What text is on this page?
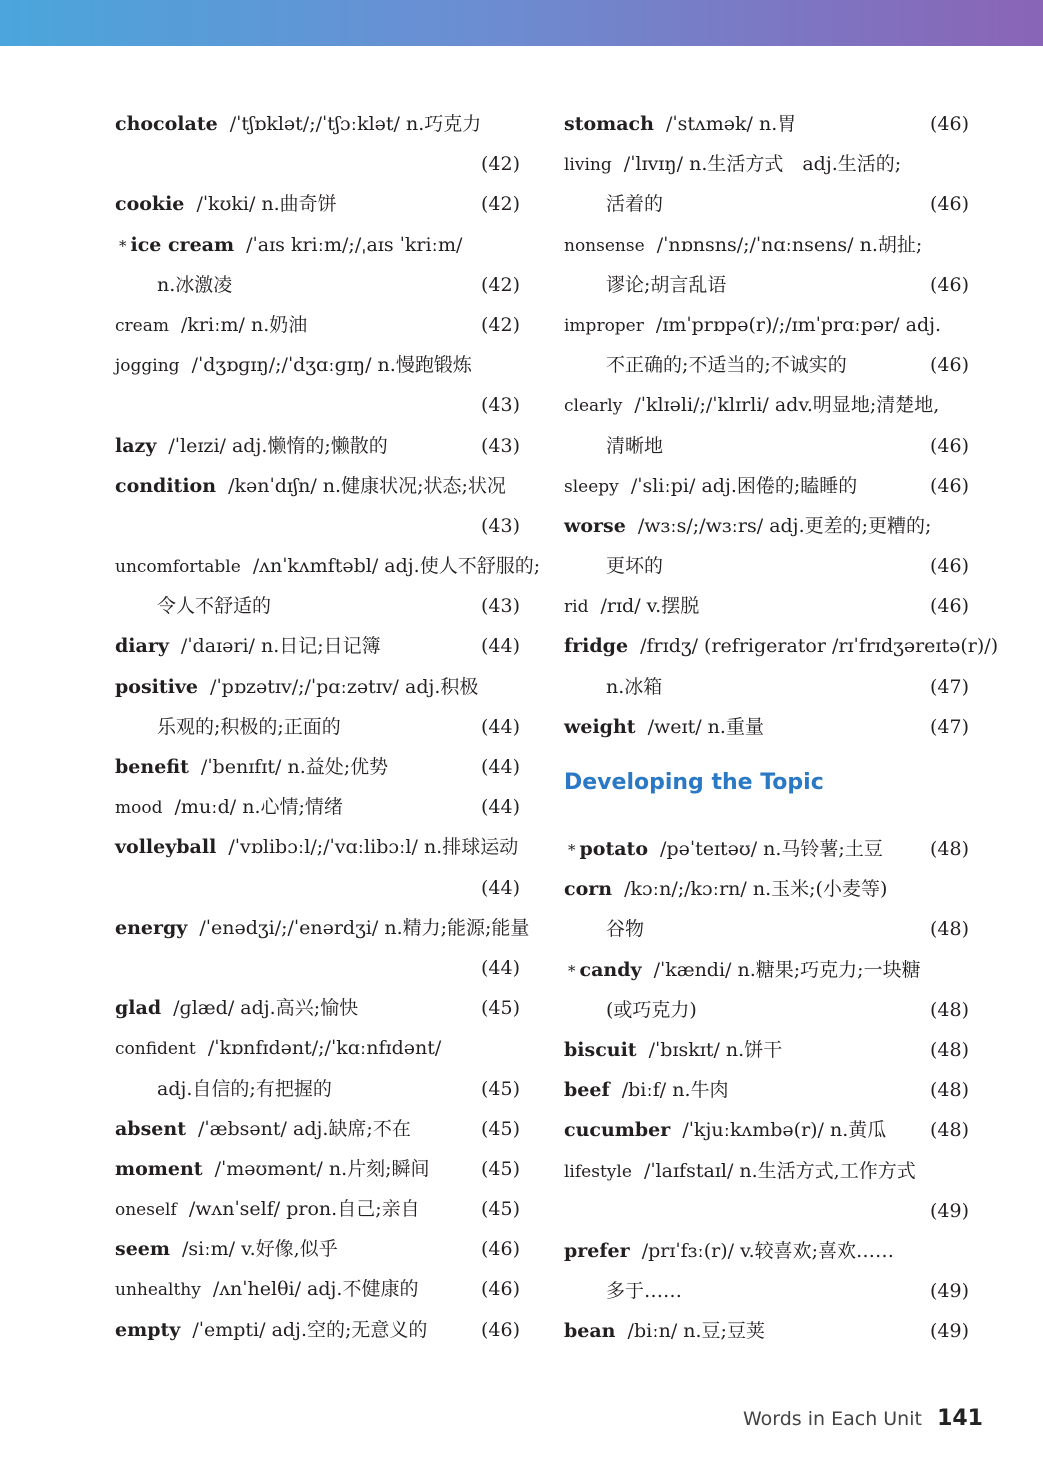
chocolate /ˈtʃɒklət/;/ˈtʃɔːklət/ n.巧克力
(42)
cookie /ˈkʊki/ n.曲奇饼	(42)
* ice cream /ˈaɪs kriːm/;/ˌaɪs ˈkriːm/
n.冰激凌	(42)
cream /kriːm/ n.奶油	(42)
jogging /ˈdʒɒɡɪŋ/;/ˈdʒɑːɡɪŋ/ n.慢跑锻炼
(43)
lazy /ˈleɪzi/ adj.懒惰的;懒散的	(43)
condition /kənˈdɪʃn/ n.健康状况;状态;状况
(43)
uncomfortable /ʌnˈkʌmftəbl/ adj.使人不舒服的;
令人不舒适的	(43)
diary /ˈdaɪəri/ n.日记;日记簿	(44)
positive /ˈpɒzətɪv/;/ˈpɑːzətɪv/ adj.积极
乐观的;积极的;正面的	(44)
benefit /ˈbenɪfɪt/ n.益处;优势	(44)
mood /muːd/ n.心情;情绪	(44)
volleyball /ˈvɒlibɔːl/;/ˈvɑːlibɔːl/ n.排球运动
(44)
energy /ˈenədʒi/;/ˈenərdʒi/ n.精力;能源;能量
(44)
glad /ɡlæd/ adj.高兴;愉快	(45)
confident /ˈkɒnfɪdənt/;/ˈkɑːnfɪdənt/
adj.自信的;有把握的	(45)
absent /ˈæbsənt/ adj.缺席;不在	(45)
moment /ˈməʊmənt/ n.片刻;瞬间	(45)
oneself /wʌnˈself/ pron.自己;亲自	(45)
seem /siːm/ v.好像,似乎	(46)
unhealthy /ʌnˈhelθi/ adj.不健康的	(46)
empty /ˈempti/ adj.空的;无意义的	(46)
stomach /ˈstʌmək/ n.胃	(46)
living /ˈlɪvɪŋ/ n.生活方式　adj.生活的;
活着的	(46)
nonsense /ˈnɒnsns/;/ˈnɑːnsens/ n.胡扯;
谬论;胡言乱语	(46)
improper /ɪmˈprɒpə(r)/;/ɪmˈprɑːpər/ adj.
不正确的;不适当的;不诚实的	(46)
clearly /ˈklɪəli/;/ˈklɪrli/ adv.明显地;清楚地,
清晰地	(46)
sleepy /ˈsliːpi/ adj.困倦的;瞌睡的	(46)
worse /wɜːs/;/wɜːrs/ adj.更差的;更糟的;
更坏的	(46)
rid /rɪd/ v.摆脱	(46)
fridge /frɪdʒ/ (refrigerator /rɪˈfrɪdʒəreɪtə(r)/)
n.冰箱	(47)
weight /weɪt/ n.重量	(47)
Developing the Topic
* potato /pəˈteɪtəʊ/ n.马铃薯;土豆 (48)
corn /kɔːn/;/kɔːrn/ n.玉米;(小麦等)
谷物	(48)
* candy /ˈkændi/ n.糖果;巧克力;一块糖
(或巧克力)	(48)
biscuit /ˈbɪskɪt/ n.饼干	(48)
beef /biːf/ n.牛肉	(48)
cucumber /ˈkjuːkʌmbə(r)/ n.黄瓜 (48)
lifestyle /ˈlaɪfstaɪl/ n.生活方式,工作方式
(49)
prefer /prɪˈfɜː(r)/ v.较喜欢;喜欢……
多于……	(49)
bean /biːn/ n.豆;豆荚	(49)
Words in Each Unit 141
